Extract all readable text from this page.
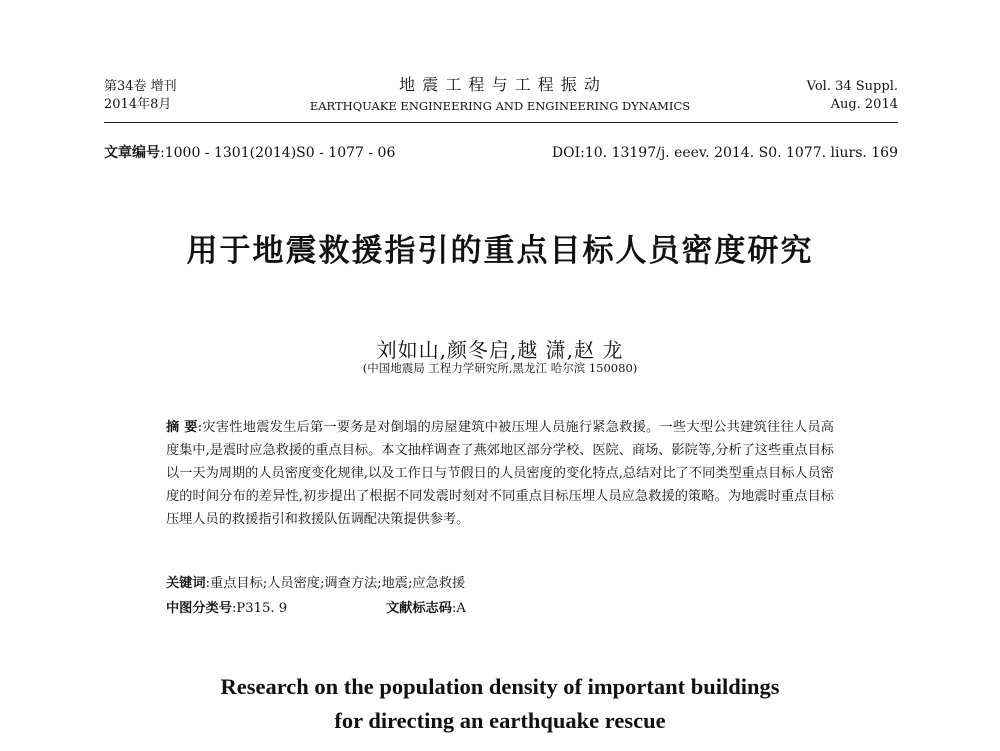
第34卷 增刊
2014年8月
地 震 工 程 与 工 程 振 动
EARTHQUAKE ENGINEERING AND ENGINEERING DYNAMICS
Vol. 34 Suppl.
Aug. 2014
文章编号:1000 - 1301(2014)S0 - 1077 - 06	DOI:10. 13197/j. eeev. 2014. S0. 1077. liurs. 169
用于地震救援指引的重点目标人员密度研究
刘如山,颜冬启,越 潇,赵 龙
(中国地震局 工程力学研究所,黑龙江 哈尔滨 150080)
摘 要:灾害性地震发生后第一要务是对倒塌的房屋建筑中被压埋人员施行紧急救援。一些大型公共建筑往往人员高度集中,是震时应急救援的重点目标。本文抽样调查了燕郊地区部分学校、医院、商场、影院等,分析了这些重点目标以一天为周期的人员密度变化规律,以及工作日与节假日的人员密度的变化特点,总结对比了不同类型重点目标人员密度的时间分布的差异性,初步提出了根据不同发震时刻对不同重点目标压埋人员应急救援的策略。为地震时重点目标压埋人员的救援指引和救援队伍调配决策提供参考。
关键词:重点目标;人员密度;调查方法;地震;应急救援
中图分类号:P315. 9	文献标志码:A
Research on the population density of important buildings
for directing an earthquake rescue
